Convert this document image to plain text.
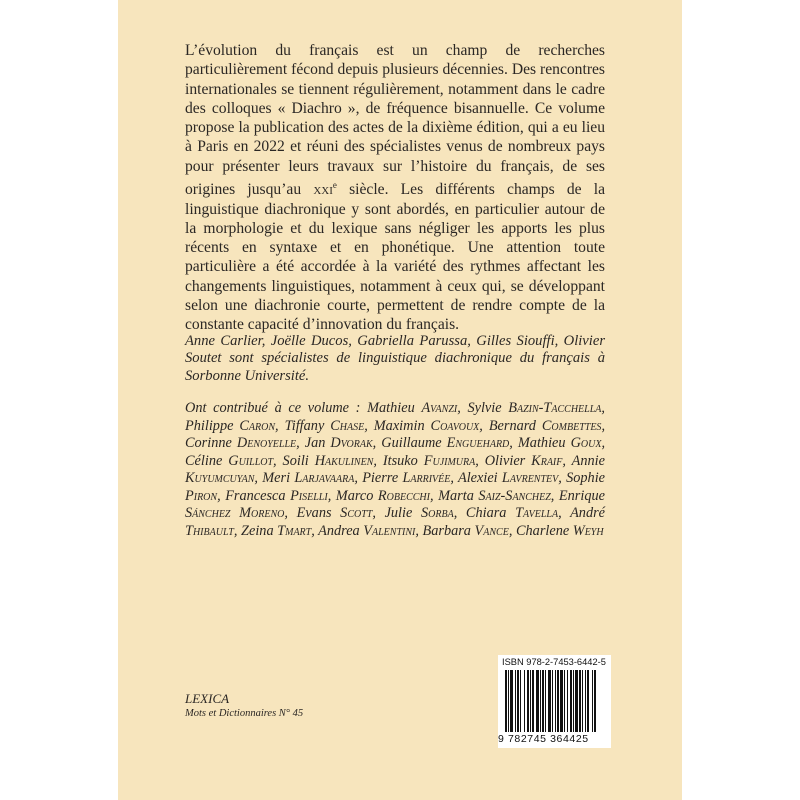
L’évolution du français est un champ de recherches particulièrement fécond depuis plusieurs décennies. Des rencontres internationales se tiennent régulièrement, notamment dans le cadre des colloques « Diachro », de fréquence bisannuelle. Ce volume propose la publication des actes de la dixième édition, qui a eu lieu à Paris en 2022 et réuni des spécialistes venus de nombreux pays pour présenter leurs travaux sur l’histoire du français, de ses origines jusqu’au xxi$^e$ siècle. Les différents champs de la linguistique diachronique y sont abordés, en particulier autour de la morphologie et du lexique sans négliger les apports les plus récents en syntaxe et en phonétique. Une attention toute particulière a été accordée à la variété des rythmes affectant les changements linguistiques, notamment à ceux qui, se développant selon une diachronie courte, permettent de rendre compte de la constante capacité d’innovation du français.

Anne Carlier, Joëlle Ducos, Gabriella Parussa, Gilles Siouffi, Olivier Soutet sont spécialistes de linguistique diachronique du français à Sorbonne Université.

Ont contribué à ce volume : Mathieu Avanzi, Sylvie Bazin-Tacchella, Philippe Caron, Tiffany Chase, Maximin Coavoux, Bernard Combettes, Corinne Denoyelle, Jan Dvorak, Guillaume Enguehard, Mathieu Goux, Céline Guillot, Soili Hakulinen, Itsuko Fujimura, Olivier Kraif, Annie Kuyumcuyan, Meri Larjavaara, Pierre Larrivée, Alexiei Lavrentev, Sophie Piron, Francesca Piselli, Marco Robecchi, Marta Saiz-Sanchez, Enrique Sánchez Moreno, Evans Scott, Julie Sorba, Chiara Tavella, André Thibault, Zeina Tmart, Andrea Valentini, Barbara Vance, Charlene Weyh

LEXICA
Mots et Dictionnaires N° 45
ISBN 978-2-7453-6442-5
9 782745 364425
